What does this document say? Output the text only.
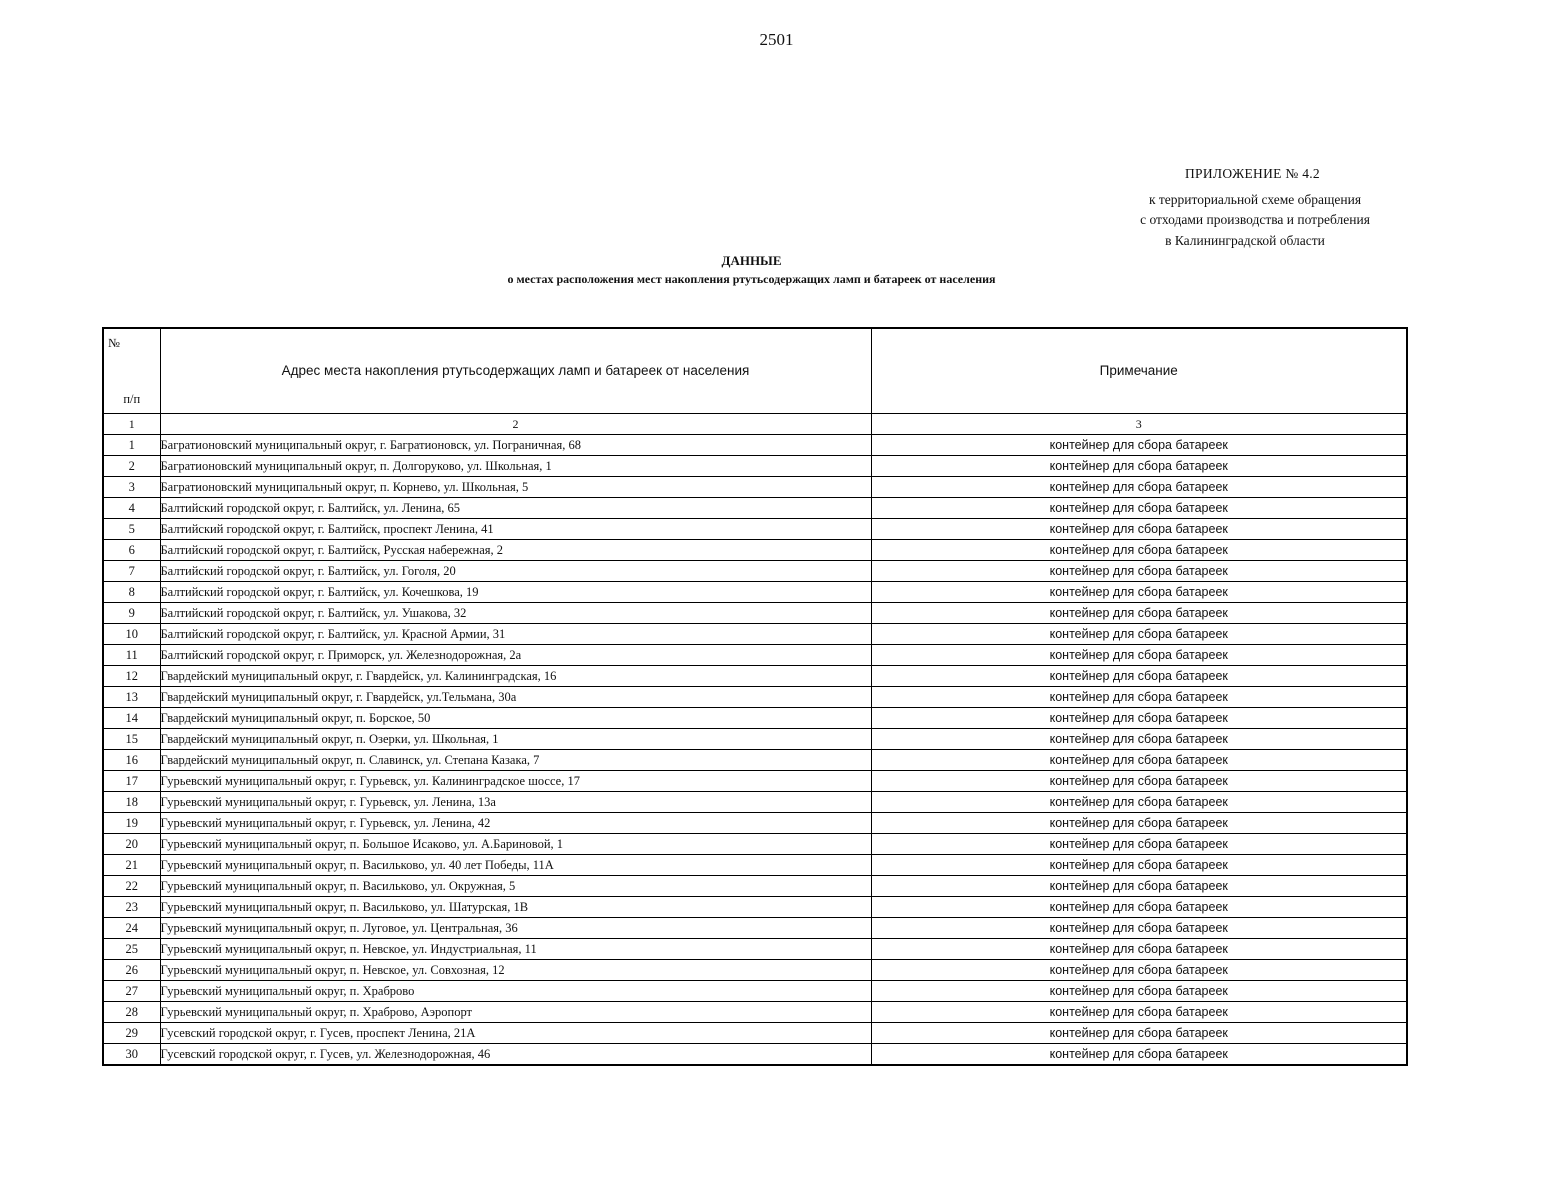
2501
ПРИЛОЖЕНИЕ № 4.2
к территориальной схеме обращения
с отходами производства и потребления
в Калининградской области
ДАННЫЕ
о местах расположения мест накопления ртутьсодержащих ламп и батареек от населения
№
п/п	Адрес места накопления ртутьсодержащих ламп и батареек от населения	Примечание
1	2	3
1	Багратионовский муниципальный округ, г. Багратионовск, ул. Пограничная, 68	контейнер для сбора батареек
2	Багратионовский муниципальный округ, п. Долгоруково, ул. Школьная, 1	контейнер для сбора батареек
3	Багратионовский муниципальный округ, п. Корнево, ул. Школьная, 5	контейнер для сбора батареек
4	Балтийский городской округ, г. Балтийск, ул. Ленина, 65	контейнер для сбора батареек
5	Балтийский городской округ, г. Балтийск, проспект Ленина, 41	контейнер для сбора батареек
6	Балтийский городской округ, г. Балтийск, Русская набережная, 2	контейнер для сбора батареек
7	Балтийский городской округ, г. Балтийск, ул. Гоголя, 20	контейнер для сбора батареек
8	Балтийский городской округ, г. Балтийск, ул. Кочешкова, 19	контейнер для сбора батареек
9	Балтийский городской округ, г. Балтийск, ул. Ушакова, 32	контейнер для сбора батареек
10	Балтийский городской округ, г. Балтийск, ул. Красной Армии, 31	контейнер для сбора батареек
11	Балтийский городской округ, г. Приморск, ул. Железнодорожная, 2а	контейнер для сбора батареек
12	Гвардейский муниципальный округ, г. Гвардейск, ул. Калининградская, 16	контейнер для сбора батареек
13	Гвардейский муниципальный округ, г. Гвардейск, ул.Тельмана, 30а	контейнер для сбора батареек
14	Гвардейский муниципальный округ, п. Борское, 50	контейнер для сбора батареек
15	Гвардейский муниципальный округ, п. Озерки, ул. Школьная, 1	контейнер для сбора батареек
16	Гвардейский муниципальный округ, п. Славинск, ул. Степана Казака, 7	контейнер для сбора батареек
17	Гурьевский муниципальный округ, г. Гурьевск, ул. Калининградское шоссе, 17	контейнер для сбора батареек
18	Гурьевский муниципальный округ, г. Гурьевск, ул. Ленина, 13а	контейнер для сбора батареек
19	Гурьевский муниципальный округ, г. Гурьевск, ул. Ленина, 42	контейнер для сбора батареек
20	Гурьевский муниципальный округ, п. Большое Исаково, ул. А.Бариновой, 1	контейнер для сбора батареек
21	Гурьевский муниципальный округ, п. Васильково, ул. 40 лет Победы, 11А	контейнер для сбора батареек
22	Гурьевский муниципальный округ, п. Васильково, ул. Окружная, 5	контейнер для сбора батареек
23	Гурьевский муниципальный округ, п. Васильково, ул. Шатурская, 1В	контейнер для сбора батареек
24	Гурьевский муниципальный округ, п. Луговое, ул. Центральная, 36	контейнер для сбора батареек
25	Гурьевский муниципальный округ, п. Невское, ул. Индустриальная, 11	контейнер для сбора батареек
26	Гурьевский муниципальный округ, п. Невское, ул. Совхозная, 12	контейнер для сбора батареек
27	Гурьевский муниципальный округ, п. Храброво	контейнер для сбора батареек
28	Гурьевский муниципальный округ, п. Храброво, Аэропорт	контейнер для сбора батареек
29	Гусевский городской округ, г. Гусев, проспект Ленина, 21А	контейнер для сбора батареек
30	Гусевский городской округ, г. Гусев, ул. Железнодорожная, 46	контейнер для сбора батареек
